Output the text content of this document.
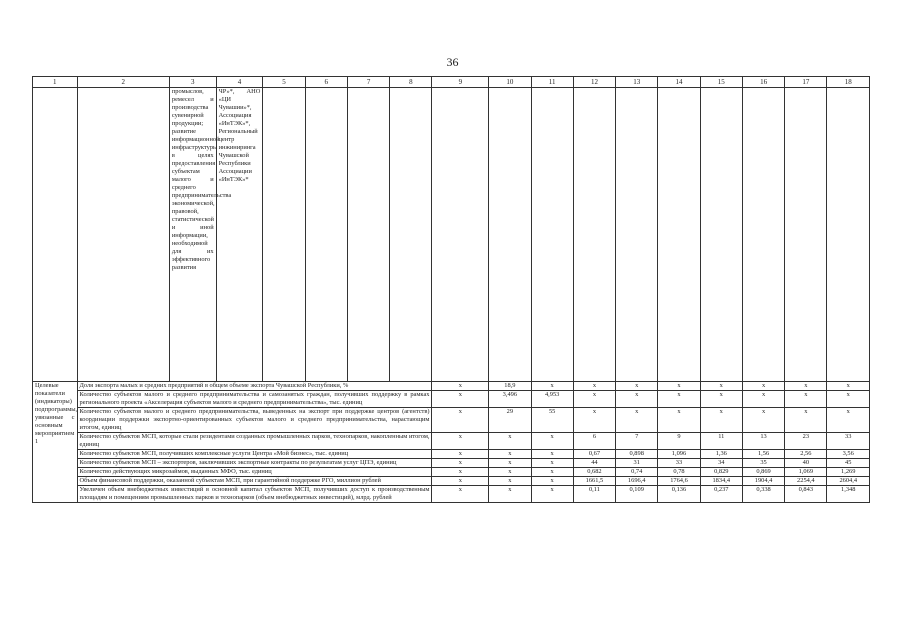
36
1	2	3	4	5	6	7	8	9	10	11	12	13	14	15	16	17	18
		промыслов, ремесел и производства сувенирной продукции; развитие информационной инфраструктуры в целях предоставления субъектам малого и среднего предпринимательства экономической, правовой, статистической и иной информации, необходимой для их эффективного развития	ЧР»*, АНО «ЦИ Чувашии»*, Ассоциация «ИнТЭК»*, Региональный центр инжиниринга Чувашской Республики Ассоциации «ИнТЭК»*														
Целевые показатели (индикаторы) подпрограммы, увязанные с основным мероприятием 1	Доля экспорта малых и средних предприятий в общем объеме экспорта Чувашской Республики, %							x	18,9	x	x	x	x	x	x	x	x
	Количество субъектов малого и среднего предпринимательства и самозанятых граждан, получивших поддержку в рамках регионального проекта «Акселерация субъектов малого и среднего предпринимательства», тыс. единиц							x	3,496	4,953	x	x	x	x	x	x	x
	Количество субъектов малого и среднего предпринимательства, выведенных на экспорт при поддержке центров (агентств) координации поддержки экспортно-ориентированных субъектов малого и среднего предпринимательства, нарастающим итогом, единиц							x	29	55	x	x	x	x	x	x	x
	Количество субъектов МСП, которые стали резидентами созданных промышленных парков, технопарков, накопленным итогом, единиц							x	x	x	6	7	9	11	13	23	33
	Количество субъектов МСП, получивших комплексные услуги Центра «Мой бизнес», тыс. единиц							x	x	x	0,67	0,898	1,096	1,36	1,56	2,56	3,56
	Количество субъектов МСП – экспортеров, заключивших экспортные контракты по результатам услуг ЦПЭ, единиц							x	x	x	44	31	33	34	35	40	45
	Количество действующих микрозаймов, выданных МФО, тыс. единиц							x	x	x	0,682	0,74	0,78	0,829	0,869	1,069	1,269
	Объем финансовой поддержки, оказанной субъектам МСП, при гарантийной поддержке РГО, миллион рублей							x	x	x	1661,5	1696,4	1764,6	1834,4	1904,4	2254,4	2604,4
	Увеличен объем внебюджетных инвестиций в основной капитал субъектов МСП, получивших доступ к производственным площадям и помещениям промышленных парков и технопарков (объем внебюджетных инвестиций), млрд. рублей							x	x	x	0,11	0,109	0,136	0,237	0,338	0,843	1,348
